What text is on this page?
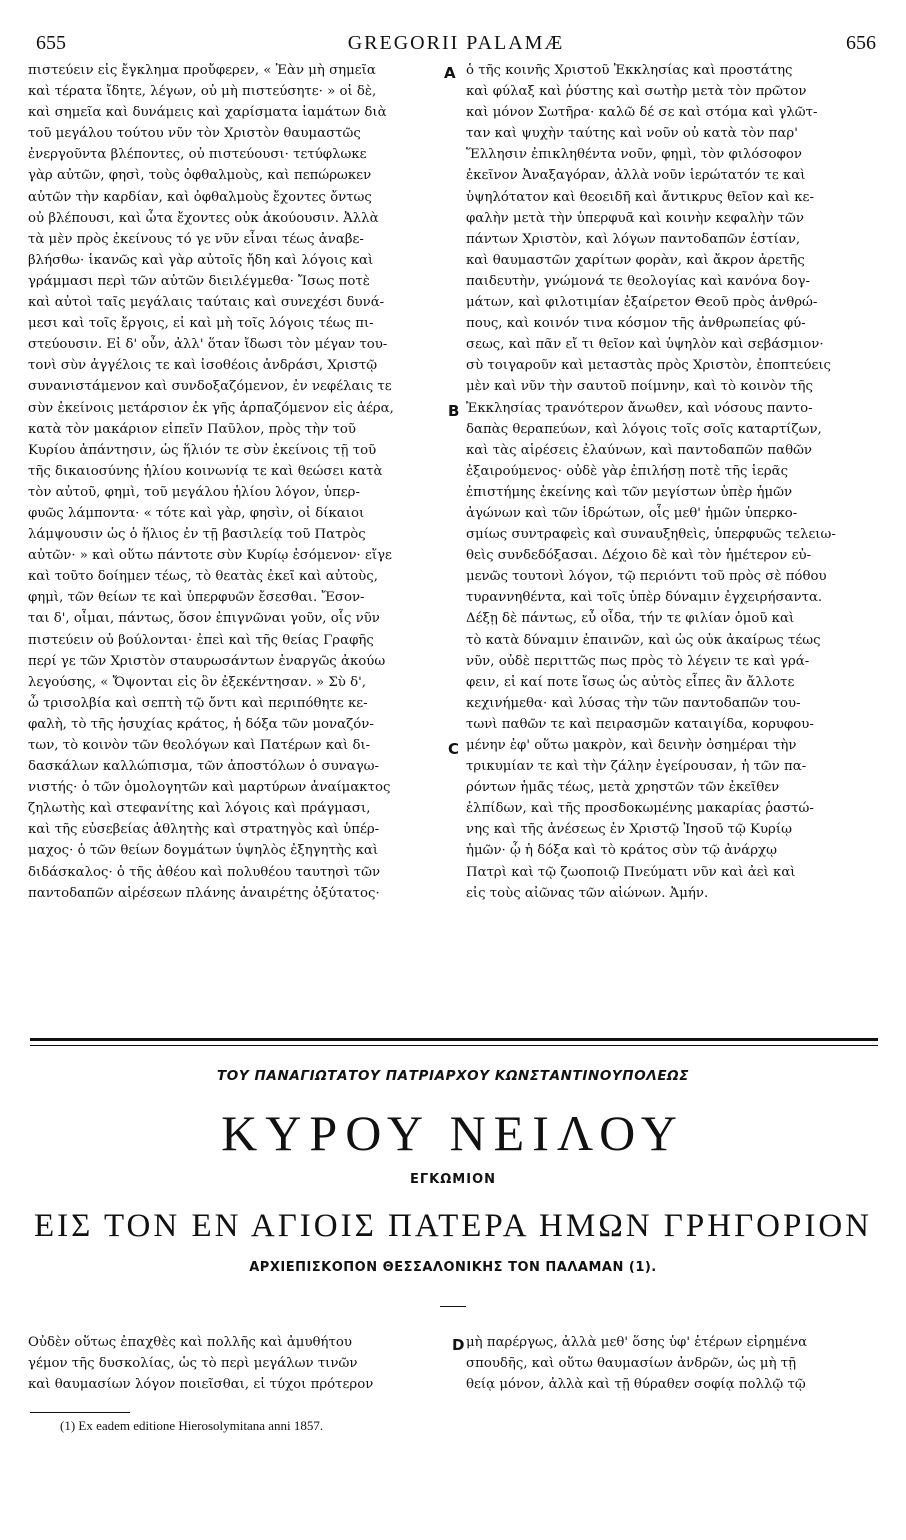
655	GREGORII PALAMÆ	656
πιστεύειν εἰς ἔγκλημα προὔφερεν, « Ἐὰν μὴ σημεῖα
καὶ τέρατα ἴδητε, λέγων, οὐ μὴ πιστεύσητε· » οἱ δὲ,
καὶ σημεῖα καὶ δυνάμεις καὶ χαρίσματα ἰαμάτων διὰ
τοῦ μεγάλου τούτου νῦν τὸν Χριστὸν θαυμαστῶς
ἐνεργοῦντα βλέποντες, οὐ πιστεύουσι· τετύφλωκε
γὰρ αὐτῶν, φησὶ, τοὺς ὀφθαλμοὺς, καὶ πεπώρωκεν
αὐτῶν τὴν καρδίαν, καὶ ὀφθαλμοὺς ἔχοντες ὄντως
οὐ βλέπουσι, καὶ ὦτα ἔχοντες οὐκ ἀκούουσιν. Ἀλλὰ
τὰ μὲν πρὸς ἐκείνους τό γε νῦν εἶναι τέως ἀναβε-
βλήσθω· ἱκανῶς καὶ γὰρ αὐτοῖς ἤδη καὶ λόγοις καὶ
γράμμασι περὶ τῶν αὐτῶν διειλέγμεθα· Ἴσως ποτὲ
καὶ αὐτοὶ ταῖς μεγάλαις ταύταις καὶ συνεχέσι δυνά-
μεσι καὶ τοῖς ἔργοις, εἰ καὶ μὴ τοῖς λόγοις τέως πι-
στεύουσιν. Εἰ δ' οὖν, ἀλλ' ὅταν ἴδωσι τὸν μέγαν του-
τονὶ σὺν ἀγγέλοις τε καὶ ἰσοθέοις ἀνδράσι, Χριστῷ
συνανιστάμενον καὶ συνδοξαζόμενον, ἐν νεφέλαις τε
σὺν ἐκείνοις μετάρσιον ἐκ γῆς ἁρπαζόμενον εἰς ἀέρα,
κατὰ τὸν μακάριον εἰπεῖν Παῦλον, πρὸς τὴν τοῦ
Κυρίου ἀπάντησιν, ὡς ἥλιόν τε σὺν ἐκείνοις τῇ τοῦ
τῆς δικαιοσύνης ἡλίου κοινωνίᾳ τε καὶ θεώσει κατὰ
τὸν αὐτοῦ, φημὶ, τοῦ μεγάλου ἡλίου λόγον, ὑπερ-
φυῶς λάμποντα· « τότε καὶ γὰρ, φησὶν, οἱ δίκαιοι
λάμψουσιν ὡς ὁ ἥλιος ἐν τῇ βασιλείᾳ τοῦ Πατρὸς
αὐτῶν· » καὶ οὕτω πάντοτε σὺν Κυρίῳ ἐσόμενον· εἴγε
καὶ τοῦτο δοίημεν τέως, τὸ θεατὰς ἐκεῖ καὶ αὐτοὺς,
φημὶ, τῶν θείων τε καὶ ὑπερφυῶν ἔσεσθαι. Ἔσον-
ται δ', οἶμαι, πάντως, ὅσον ἐπιγνῶναι γοῦν, οἷς νῦν
πιστεύειν οὐ βούλονται· ἐπεὶ καὶ τῆς θείας Γραφῆς
περί γε τῶν Χριστὸν σταυρωσάντων ἐναργῶς ἀκούω
λεγούσης, « Ὄψονται εἰς ὃν ἐξεκέντησαν. » Σὺ δ',
ὦ τρισολβία καὶ σεπτὴ τῷ ὄντι καὶ περιπόθητε κε-
φαλὴ, τὸ τῆς ἡσυχίας κράτος, ἡ δόξα τῶν μοναζόν-
των, τὸ κοινὸν τῶν θεολόγων καὶ Πατέρων καὶ δι-
δασκάλων καλλώπισμα, τῶν ἀποστόλων ὁ συναγω-
νιστής· ὁ τῶν ὁμολογητῶν καὶ μαρτύρων ἀναίμακτος
ζηλωτὴς καὶ στεφανίτης καὶ λόγοις καὶ πράγμασι,
καὶ τῆς εὐσεβείας ἀθλητὴς καὶ στρατηγὸς καὶ ὑπέρ-
μαχος· ὁ τῶν θείων δογμάτων ὑψηλὸς ἐξηγητὴς καὶ
διδάσκαλος· ὁ τῆς ἀθέου καὶ πολυθέου ταυτησὶ τῶν
παντοδαπῶν αἱρέσεων πλάνης ἀναιρέτης ὀξύτατος·
ὁ τῆς κοινῆς Χριστοῦ Ἐκκλησίας καὶ προστάτης
καὶ φύλαξ καὶ ῥύστης καὶ σωτὴρ μετὰ τὸν πρῶτον
καὶ μόνον Σωτῆρα· καλῶ δέ σε καὶ στόμα καὶ γλῶτ-
ταν καὶ ψυχὴν ταύτης καὶ νοῦν οὐ κατὰ τὸν παρ'
Ἕλλησιν ἐπικληθέντα νοῦν, φημὶ, τὸν φιλόσοφον
ἐκεῖνον Ἀναξαγόραν, ἀλλὰ νοῦν ἱερώτατόν τε καὶ
ὑψηλότατον καὶ θεοειδῆ καὶ ἄντικρυς θεῖον καὶ κε-
φαλὴν μετὰ τὴν ὑπερφυᾶ καὶ κοινὴν κεφαλὴν τῶν
πάντων Χριστὸν, καὶ λόγων παντοδαπῶν ἑστίαν,
καὶ θαυμαστῶν χαρίτων φορὰν, καὶ ἄκρον ἀρετῆς
παιδευτὴν, γνώμονά τε θεολογίας καὶ κανόνα δογ-
μάτων, καὶ φιλοτιμίαν ἐξαίρετον Θεοῦ πρὸς ἀνθρώ-
πους, καὶ κοινόν τινα κόσμον τῆς ἀνθρωπείας φύ-
σεως, καὶ πᾶν εἴ τι θεῖον καὶ ὑψηλὸν καὶ σεβάσμιον·
σὺ τοιγαροῦν καὶ μεταστὰς πρὸς Χριστὸν, ἐποπτεύεις
μὲν καὶ νῦν τὴν σαυτοῦ ποίμνην, καὶ τὸ κοινὸν τῆς
Ἐκκλησίας τρανότερον ἄνωθεν, καὶ νόσους παντο-
δαπὰς θεραπεύων, καὶ λόγοις τοῖς σοῖς καταρτίζων,
καὶ τὰς αἱρέσεις ἐλαύνων, καὶ παντοδαπῶν παθῶν
ἐξαιρούμενος· οὐδὲ γὰρ ἐπιλήσῃ ποτὲ τῆς ἱερᾶς
ἐπιστήμης ἐκείνης καὶ τῶν μεγίστων ὑπὲρ ἡμῶν
ἀγώνων καὶ τῶν ἱδρώτων, οἷς μεθ' ἡμῶν ὑπερκο-
σμίως συντραφεὶς καὶ συναυξηθεὶς, ὑπερφυῶς τελειω-
θεὶς συνδεδόξασαι. Δέχοιο δὲ καὶ τὸν ἡμέτερον εὐ-
μενῶς τουτονὶ λόγον, τῷ περιόντι τοῦ πρὸς σὲ πόθου
τυραννηθέντα, καὶ τοῖς ὑπὲρ δύναμιν ἐγχειρήσαντα.
Δέξῃ δὲ πάντως, εὖ οἶδα, τήν τε φιλίαν ὁμοῦ καὶ
τὸ κατὰ δύναμιν ἐπαινῶν, καὶ ὡς οὐκ ἀκαίρως τέως
νῦν, οὐδὲ περιττῶς πως πρὸς τὸ λέγειν τε καὶ γρά-
φειν, εἰ καί ποτε ἴσως ὡς αὐτὸς εἶπες ἂν ἄλλοτε
κεχινήμεθα· καὶ λύσας τὴν τῶν παντοδαπῶν του-
τωνὶ παθῶν τε καὶ πειρασμῶν καταιγίδα, κορυφου-
μένην ἐφ' οὕτω μακρὸν, καὶ δεινὴν ὀσημέραι τὴν
τρικυμίαν τε καὶ τὴν ζάλην ἐγείρουσαν, ἡ τῶν πα-
ρόντων ἡμᾶς τέως, μετὰ χρηστῶν τῶν ἐκεῖθεν
ἐλπίδων, καὶ τῆς προσδοκωμένης μακαρίας ῥαστώ-
νης καὶ τῆς ἀνέσεως ἐν Χριστῷ Ἰησοῦ τῷ Κυρίῳ
ἡμῶν· ᾧ ἡ δόξα καὶ τὸ κράτος σὺν τῷ ἀνάρχῳ
Πατρὶ καὶ τῷ ζωοποιῷ Πνεύματι νῦν καὶ ἀεὶ καὶ
εἰς τοὺς αἰῶνας τῶν αἰώνων. Ἀμήν.
A
B
C
D
ΤΟΥ ΠΑΝΑΓΙΩΤΑΤΟΥ ΠΑΤΡΙΑΡΧΟΥ ΚΩΝΣΤΑΝΤΙΝΟΥΠΟΛΕΩΣ
ΚΥΡΟΥ ΝΕΙΛΟΥ
ΕΓΚΩΜΙΟΝ
ΕΙΣ ΤΟΝ ΕΝ ΑΓΙΟΙΣ ΠΑΤΕΡΑ ΗΜΩΝ ΓΡΗΓΟΡΙΟΝ
ΑΡΧΙΕΠΙΣΚΟΠΟΝ ΘΕΣΣΑΛΟΝΙΚΗΣ ΤΟΝ ΠΑΛΑΜΑΝ (1).
Οὐδὲν οὕτως ἐπαχθὲς καὶ πολλῆς καὶ ἀμυθήτου
γέμον τῆς δυσκολίας, ὡς τὸ περὶ μεγάλων τινῶν
καὶ θαυμασίων λόγον ποιεῖσθαι, εἰ τύχοι πρότερον
μὴ παρέργως, ἀλλὰ μεθ' ὅσης ὑφ' ἑτέρων εἰρημένα
σπουδῆς, καὶ οὕτω θαυμασίων ἀνδρῶν, ὡς μὴ τῇ
θείᾳ μόνον, ἀλλὰ καὶ τῇ θύραθεν σοφίᾳ πολλῷ τῷ
(1) Ex eadem editione Hierosolymitana anni 1857.
